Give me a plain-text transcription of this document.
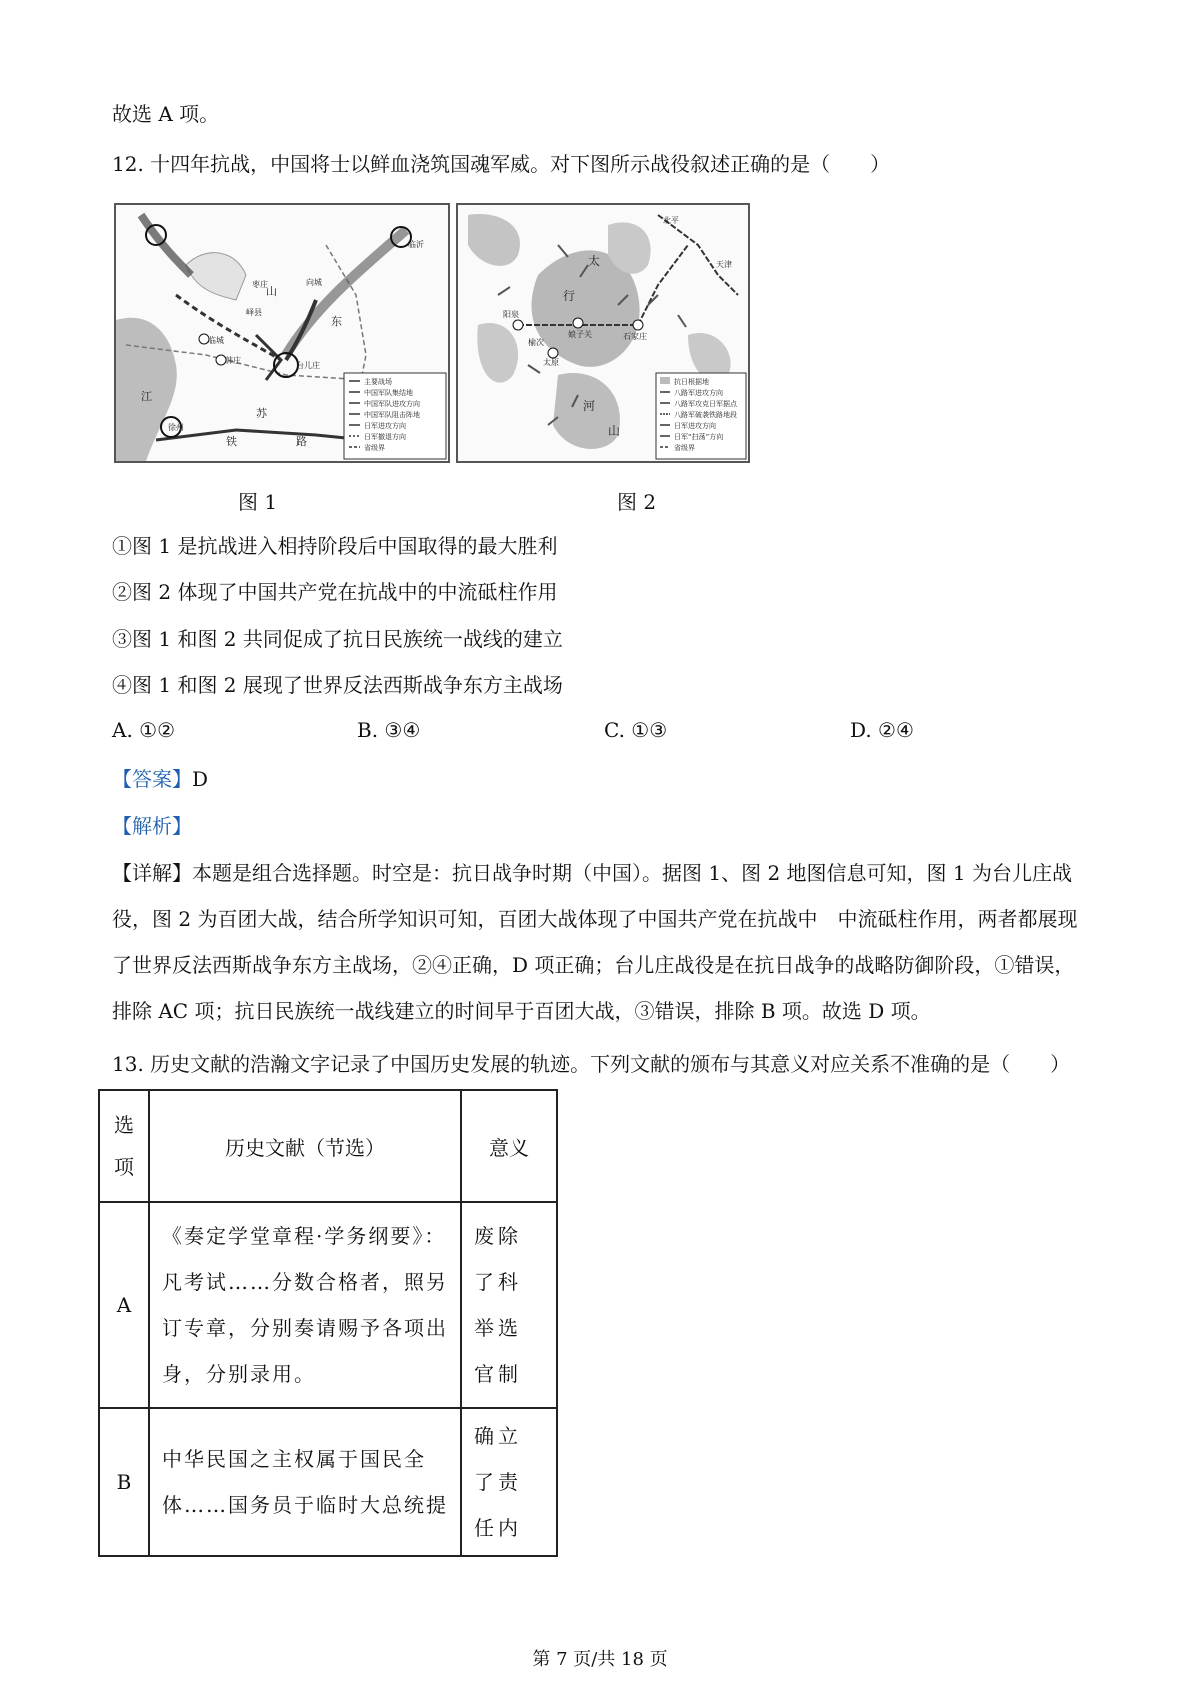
故选 A 项。
12. 十四年抗战，中国将士以鲜血浇筑国魂军威。对下图所示战役叙述正确的是（　　）
枣庄
峄县
临城
韩庄
台儿庄
向城
临沂
徐州
山
东
江
苏
路
铁
主要战场
中国军队集结地
中国军队进攻方向
中国军队阻击阵地
日军进攻方向
日军撤退方向
省级界
北平
天津
阳泉
娘子关	石家庄
太原
榆次
太
行
山
河
抗日根据地
八路军进攻方向
八路军攻克日军据点
八路军破袭铁路地段
日军进攻方向
日军“扫荡”方向
省级界
图 1	图 2
①图 1 是抗战进入相持阶段后中国取得的最大胜利
②图 2 体现了中国共产党在抗战中的中流砥柱作用
③图 1 和图 2 共同促成了抗日民族统一战线的建立
④图 1 和图 2 展现了世界反法西斯战争东方主战场
A. ①②	B. ③④	C. ①③	D. ②④
【答案】D
【解析】
【详解】本题是组合选择题。时空是：抗日战争时期（中国）。据图 1、图 2 地图信息可知，图 1 为台儿庄战役，图 2 为百团大战，结合所学知识可知，百团大战体现了中国共产党在抗战中　中流砥柱作用，两者都展现了世界反法西斯战争东方主战场，②④正确，D 项正确；台儿庄战役是在抗日战争的战略防御阶段，①错误，排除 AC 项；抗日民族统一战线建立的时间早于百团大战，③错误，排除 B 项。故选 D 项。
13. 历史文献的浩瀚文字记录了中国历史发展的轨迹。下列文献的颁布与其意义对应关系不准确的是（　　）
选项	历史文献（节选）	意义
A	《奏定学堂章程·学务纲要》：凡考试……分数合格者，照另订专章，分别奏请赐予各项出身，分别录用。	废除了科举选官制

B	中华民国之主权属于国民全体……国务员于临时大总统提	确立了责任内
第 7 页/共 18 页
